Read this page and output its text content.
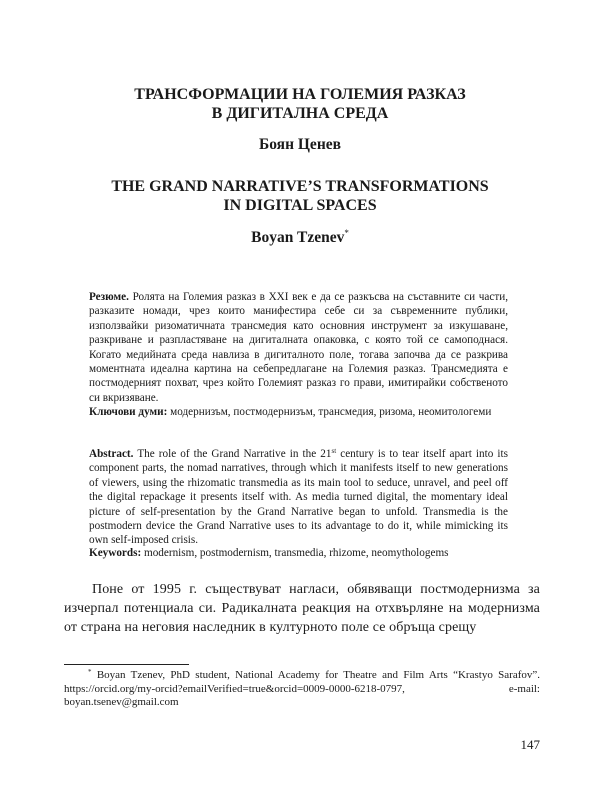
ТРАНСФОРМАЦИИ НА ГОЛЕМИЯ РАЗКАЗ
В ДИГИТАЛНА СРЕДА
Боян Ценев
THE GRAND NARRATIVE’S TRANSFORMATIONS
IN DIGITAL SPACES
Boyan Tzenev*
Резюме. Ролята на Големия разказ в XXI век е да се разкъсва на съставните си части, разказите номади, чрез които манифестира себе си за съвременните публики, използвайки ризоматичната трансмедия като основния инструмент за изкушаване, разкриване и разпластяване на дигиталната опаковка, с която той се самоподнася. Когато медийната среда навлиза в дигиталното поле, тогава започва да се разкрива моментната идеална картина на себепредлагане на Големия разказ. Трансмедията е постмодерният похват, чрез който Големият разказ го прави, имитирайки собственото си вкризяване.
Ключови думи: модернизъм, постмодернизъм, трансмедия, ризома, неомитологеми
Abstract. The role of the Grand Narrative in the 21st century is to tear itself apart into its component parts, the nomad narratives, through which it manifests itself to new generations of viewers, using the rhizomatic transmedia as its main tool to seduce, unravel, and peel off the digital repackage it presents itself with. As media turned digital, the momentary ideal picture of self-presentation by the Grand Narrative began to unfold. Transmedia is the postmodern device the Grand Narrative uses to its advantage to do it, while mimicking its own self-imposed crisis.
Keywords: modernism, postmodernism, transmedia, rhizome, neomythologems
Поне от 1995 г. съществуват нагласи, обявяващи постмодернизма за изчерпал потенциала си. Радикалната реакция на отхвърляне на модернизма от страна на неговия наследник в културното поле се обръща срещу
* Boyan Tzenev, PhD student, National Academy for Theatre and Film Arts “Krastyo Sarafov”. https://orcid.org/my-orcid?emailVerified=true&orcid=0009-0000-6218-0797, e-mail: boyan.tsenev@gmail.com
147
